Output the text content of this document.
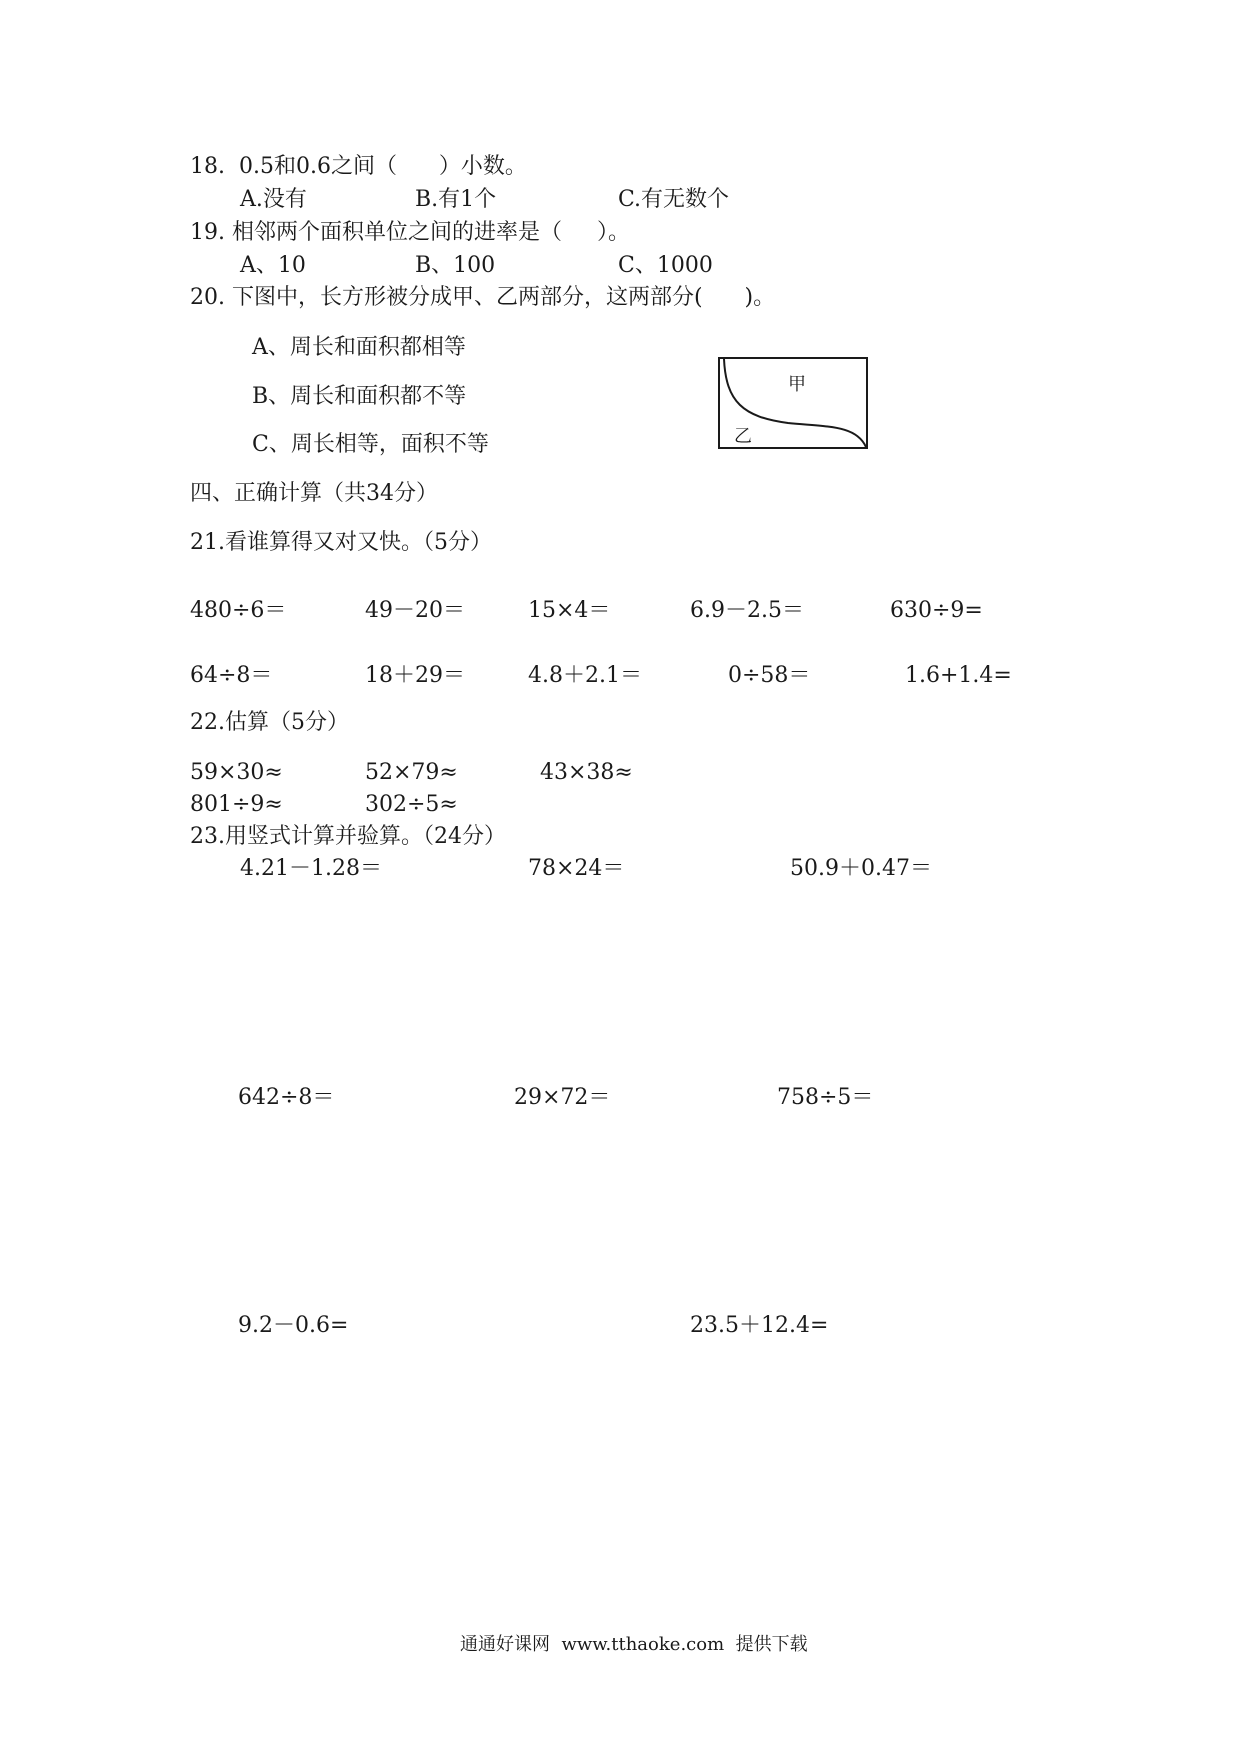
18.  0.5和0.6之间（      ）小数。
A.没有	B.有1个	C.有无数个
19. 相邻两个面积单位之间的进率是（     ）。
A、10	B、100	C、1000
20. 下图中，长方形被分成甲、乙两部分，这两部分(      )。
A、周长和面积都相等
B、周长和面积都不等
C、周长相等，面积不等
甲
乙
四、正确计算（共34分）
21.看谁算得又对又快。（5分）
480÷6＝	49－20＝	15×4＝	6.9－2.5＝	630÷9=
64÷8＝	18＋29＝	4.8＋2.1＝	0÷58＝	1.6+1.4=
22.估算（5分）
59×30≈	52×79≈	43×38≈
801÷9≈	302÷5≈
23.用竖式计算并验算。（24分）
4.21－1.28＝	78×24＝	50.9＋0.47＝
642÷8＝	29×72＝	758÷5＝
9.2－0.6=	23.5＋12.4=
通通好课网  www.tthaoke.com  提供下载
